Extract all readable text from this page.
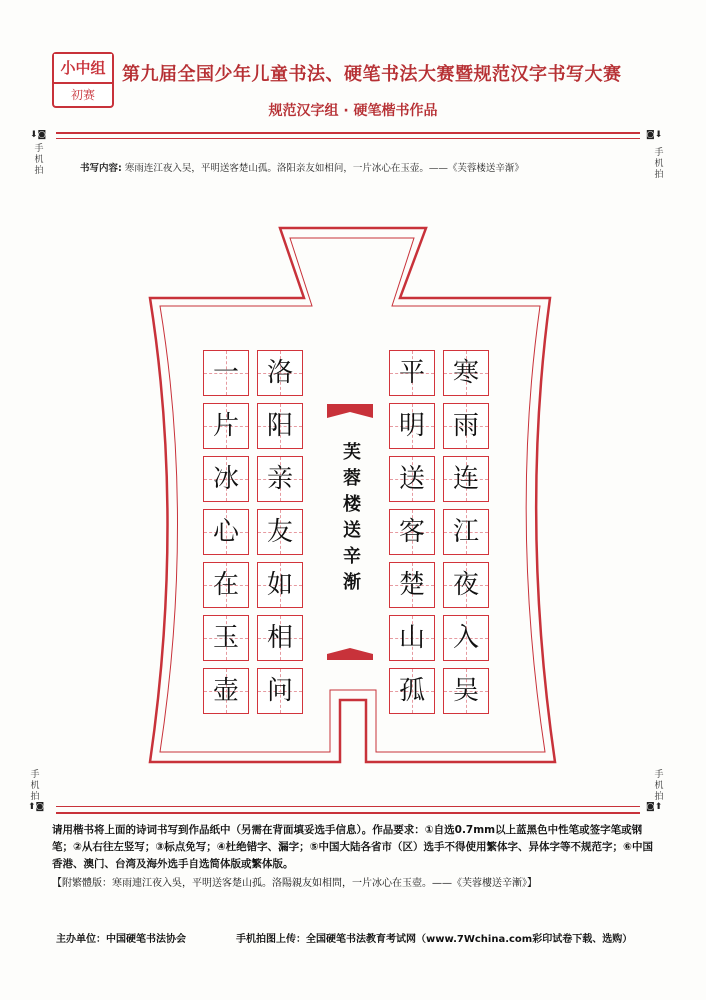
小中组
初赛
第九届全国少年儿童书法、硬笔书法大赛暨规范汉字书写大赛
规范汉字组 · 硬笔楷书作品
⬇◙
手机拍
◙⬇
手机拍
书写内容: 寒雨连江夜入吴，平明送客楚山孤。洛阳亲友如相问，一片冰心在玉壶。——《芙蓉楼送辛渐》
寒
雨
连
江
夜
入
吴
平
明
送
客
楚
山
孤
洛
阳
亲
友
如
相
问
一
片
冰
心
在
玉
壶
芙
蓉
楼
送
辛
渐
手机拍
⬆◙
手机拍
◙⬆
请用楷书将上面的诗词书写到作品纸中（另需在背面填妥选手信息）。作品要求：①自选0.7mm以上蓝黑色中性笔或签字笔或钢笔；②从右往左竖写；③标点免写；④杜绝错字、漏字；⑤中国大陆各省市（区）选手不得使用繁体字、异体字等不规范字；⑥中国香港、澳门、台湾及海外选手自选简体版或繁体版。
【附繁體版：寒雨連江夜入吳，平明送客楚山孤。洛陽親友如相問，一片冰心在玉壺。——《芙蓉樓送辛漸》】
主办单位：中国硬笔书法协会	手机拍图上传：全国硬笔书法教育考试网（www.7Wchina.com彩印试卷下载、选购）
